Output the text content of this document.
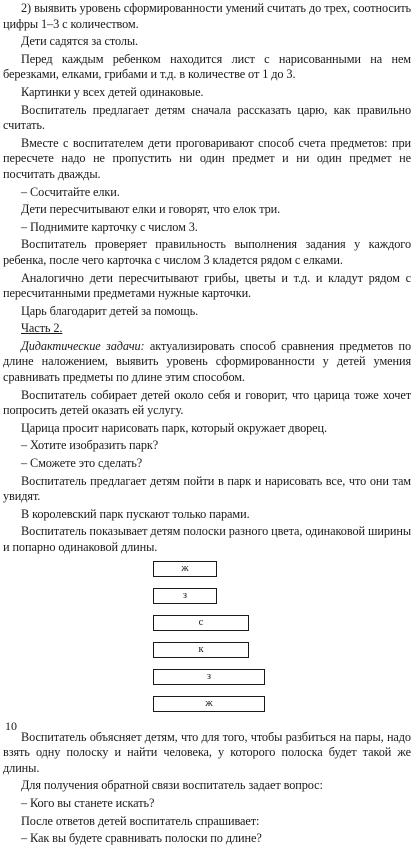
2) выявить уровень сформированности умений считать до трех, соотносить цифры 1–3 с количеством.

Дети садятся за столы.

Перед каждым ребенком находится лист с нарисованными на нем березками, елками, грибами и т.д. в количестве от 1 до 3.

Картинки у всех детей одинаковые.

Воспитатель предлагает детям сначала рассказать царю, как правильно считать.

Вместе с воспитателем дети проговаривают способ счета предметов: при пересчете надо не пропустить ни один предмет и ни один предмет не посчитать дважды.

– Сосчитайте елки.

Дети пересчитывают елки и говорят, что елок три.

– Поднимите карточку с числом 3.

Воспитатель проверяет правильность выполнения задания у каждого ребенка, после чего карточка с числом 3 кладется рядом с елками.

Аналогично дети пересчитывают грибы, цветы и т.д. и кладут рядом с пересчитанными предметами нужные карточки.

Царь благодарит детей за помощь.

Часть 2.

Дидактические задачи: актуализировать способ сравнения предметов по длине наложением, выявить уровень сформированности у детей умения сравнивать предметы по длине этим способом.

Воспитатель собирает детей около себя и говорит, что царица тоже хочет попросить детей оказать ей услугу.

Царица просит нарисовать парк, который окружает дворец.

– Хотите изобразить парк?

– Сможете это сделать?

Воспитатель предлагает детям пойти в парк и нарисовать все, что они там увидят.

В королевский парк пускают только парами.

Воспитатель показывает детям полоски разного цвета, одинаковой ширины и попарно одинаковой длины.

ж
з
с
к
з
ж

Воспитатель объясняет детям, что для того, чтобы разбиться на пары, надо взять одну полоску и найти человека, у которого полоска будет такой же длины.

Для получения обратной связи воспитатель задает вопрос:

– Кого вы станете искать?

После ответов детей воспитатель спрашивает:

– Как вы будете сравнивать полоски по длине?

10
